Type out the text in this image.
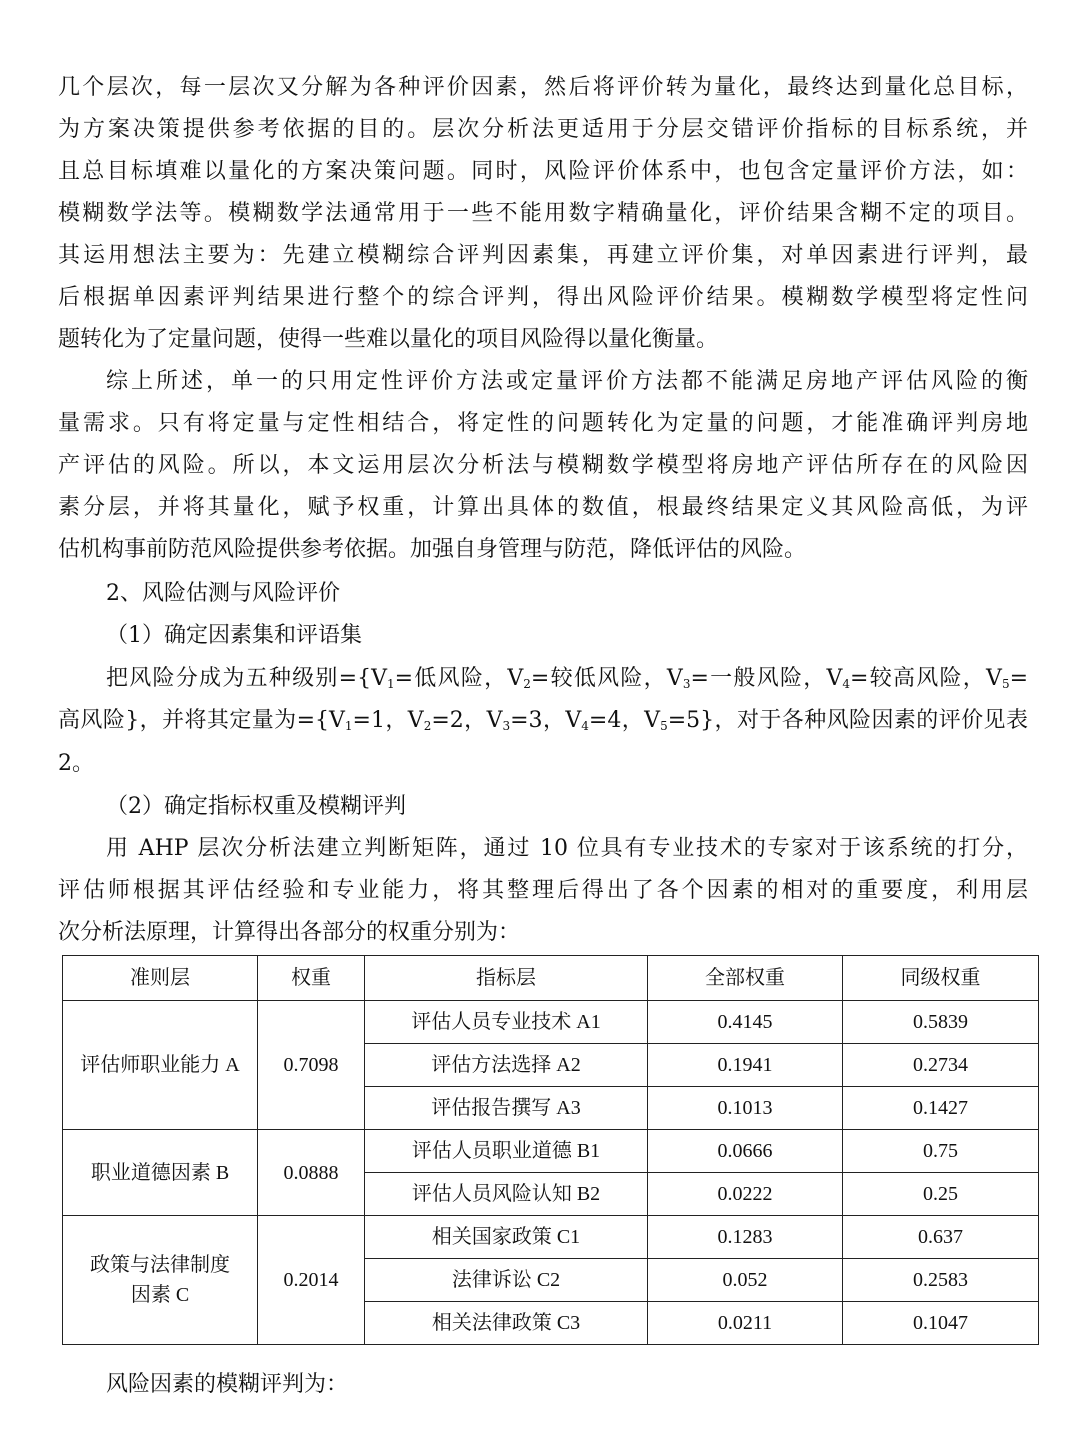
几个层次，每一层次又分解为各种评价因素，然后将评价转为量化，最终达到量化总目标，
为方案决策提供参考依据的目的。层次分析法更适用于分层交错评价指标的目标系统，并
且总目标填难以量化的方案决策问题。同时，风险评价体系中，也包含定量评价方法，如：
模糊数学法等。模糊数学法通常用于一些不能用数字精确量化，评价结果含糊不定的项目。
其运用想法主要为：先建立模糊综合评判因素集，再建立评价集，对单因素进行评判，最
后根据单因素评判结果进行整个的综合评判，得出风险评价结果。模糊数学模型将定性问
题转化为了定量问题，使得一些难以量化的项目风险得以量化衡量。
综上所述，单一的只用定性评价方法或定量评价方法都不能满足房地产评估风险的衡
量需求。只有将定量与定性相结合，将定性的问题转化为定量的问题，才能准确评判房地
产评估的风险。所以，本文运用层次分析法与模糊数学模型将房地产评估所存在的风险因
素分层，并将其量化，赋予权重，计算出具体的数值，根最终结果定义其风险高低，为评
估机构事前防范风险提供参考依据。加强自身管理与防范，降低评估的风险。
2、风险估测与风险评价
（1）确定因素集和评语集
把风险分成为五种级别$=\{V_1=$低风险，$V_2=$较低风险，$V_3=$一般风险，$V_4=$较高风险，$V_5=$
高风险}，并将其定量为$=\{V_1=1$，$V_2=2$，$V_3=3$，$V_4=4$，$V_5=5$}，对于各种风险因素的评价见表
2。
（2）确定指标权重及模糊评判
用 AHP 层次分析法建立判断矩阵，通过 10 位具有专业技术的专家对于该系统的打分，
评估师根据其评估经验和专业能力，将其整理后得出了各个因素的相对的重要度，利用层
次分析法原理，计算得出各部分的权重分别为：
准则层	权重	指标层	全部权重	同级权重
评估师职业能力 A	0.7098	评估人员专业技术 A1	0.4145	0.5839
		评估方法选择 A2	0.1941	0.2734
		评估报告撰写 A3	0.1013	0.1427
职业道德因素 B	0.0888	评估人员职业道德 B1	0.0666	0.75
		评估人员风险认知 B2	0.0222	0.25
政策与法律制度
因素 C	0.2014	相关国家政策 C1	0.1283	0.637
		法律诉讼 C2	0.052	0.2583
		相关法律政策 C3	0.0211	0.1047
风险因素的模糊评判为：
